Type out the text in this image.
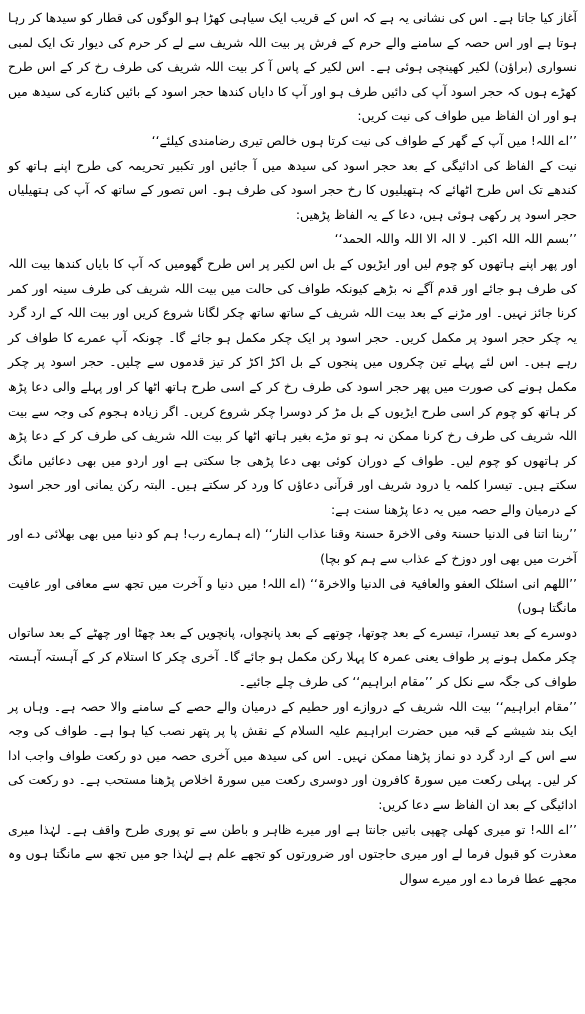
آغاز کیا جاتا ہے۔ اس کی نشانی یہ ہے کہ اس کے قریب ایک سیاہی کھڑا ہو الوگوں کی قطار کو سیدھا کر رہا ہوتا ہے اور اس حصہ کے سامنے والے حرم کے فرش پر بیت اللہ شریف سے لے کر حرم کی دیوار تک ایک لمبی نسواری (براؤن) لکیر کھینچی ہوئی ہے۔ اس لکیر کے پاس آ کر بیت اللہ شریف کی طرف رخ کر کے اس طرح کھڑے ہوں کہ حجر اسود آپ کی دائیں طرف ہو اور آپ کا دایاں کندھا حجر اسود کے بائیں کنارے کی سیدھ میں ہو اور ان الفاظ میں طواف کی نیت کریں:

’’اے اللہ! میں آپ کے گھر کے طواف کی نیت کرتا ہوں خالص تیری رضامندی کیلئے‘‘

نیت کے الفاظ کی ادائیگی کے بعد حجر اسود کی سیدھ میں آ جائیں اور تکبیر تحریمہ کی طرح اپنے ہاتھ کو کندھے تک اس طرح اٹھائے کہ ہتھیلیوں کا رخ حجر اسود کی طرف ہو۔ اس تصور کے ساتھ کہ آپ کی ہتھیلیاں حجر اسود پر رکھی ہوئی ہیں، دعا کے یہ الفاظ پڑھیں:

’’بسم اللہ اللہ اکبر۔ لا الہ الا اللہ واللہ الحمد‘‘

اور پھر اپنے ہاتھوں کو چوم لیں اور ایڑیوں کے بل اس لکیر پر اس طرح گھومیں کہ آپ کا بایاں کندھا بیت اللہ کی طرف ہو جائے اور قدم آگے نہ بڑھے کیونکہ طواف کی حالت میں بیت اللہ شریف کی طرف سینہ اور کمر کرنا جائز نہیں۔ اور مڑنے کے بعد بیت اللہ شریف کے ساتھ ساتھ چکر لگانا شروع کریں اور بیت اللہ کے ارد گرد یہ چکر حجر اسود پر مکمل کریں۔ حجر اسود پر ایک چکر مکمل ہو جائے گا۔ چونکہ آپ عمرے کا طواف کر رہے ہیں۔ اس لئے پہلے تین چکروں میں پنجوں کے بل اکڑ اکڑ کر تیز قدموں سے چلیں۔ حجر اسود پر چکر مکمل ہونے کی صورت میں پھر حجر اسود کی طرف رخ کر کے اسی طرح ہاتھ اٹھا کر اور پہلے والی دعا پڑھ کر ہاتھ کو چوم کر اسی طرح ایڑیوں کے بل مڑ کر دوسرا چکر شروع کریں۔ اگر زیادہ ہجوم کی وجہ سے بیت اللہ شریف کی طرف رخ کرنا ممکن نہ ہو تو مڑے بغیر ہاتھ اٹھا کر بیت اللہ شریف کی طرف کر کے دعا پڑھ کر ہاتھوں کو چوم لیں۔ طواف کے دوران کوئی بھی دعا پڑھی جا سکتی ہے اور اردو میں بھی دعائیں مانگ سکتے ہیں۔ تیسرا کلمہ یا درود شریف اور قرآنی دعاؤں کا ورد کر سکتے ہیں۔ البتہ رکن یمانی اور حجر اسود کے درمیان والے حصہ میں یہ دعا پڑھنا سنت ہے:

’’ربنا اتنا فی الدنیا حسنۃ وفی الاخرۃ حسنۃ وقنا عذاب النار‘‘ (اے ہمارے رب! ہم کو دنیا میں بھی بھلائی دے اور آخرت میں بھی اور دوزخ کے عذاب سے ہم کو بچا)

’’اللھم انی اسئلک العفو والعافیۃ فی الدنیا والاخرۃ‘‘ (اے اللہ! میں دنیا و آخرت میں تجھ سے معافی اور عافیت مانگتا ہوں)

دوسرے کے بعد تیسرا، تیسرے کے بعد چوتھا، چوتھے کے بعد پانچواں، پانچویں کے بعد چھٹا اور چھٹے کے بعد ساتواں چکر مکمل ہونے پر طواف یعنی عمرہ کا پہلا رکن مکمل ہو جائے گا۔ آخری چکر کا استلام کر کے آہستہ آہستہ طواف کی جگہ سے نکل کر ’’مقام ابراہیم‘‘ کی طرف چلے جائیے۔

’’مقام ابراہیم‘‘ بیت اللہ شریف کے دروازے اور حطیم کے درمیان والے حصے کے سامنے والا حصہ ہے۔ وہاں پر ایک بند شیشے کے قبہ میں حضرت ابراہیم علیہ السلام کے نقش پا پر پتھر نصب کیا ہوا ہے۔ طواف کی وجہ سے اس کے ارد گرد دو نماز پڑھنا ممکن نہیں۔ اس کی سیدھ میں آخری حصہ میں دو رکعت طواف واجب ادا کر لیں۔ پہلی رکعت میں سورۃ کافرون اور دوسری رکعت میں سورۃ اخلاص پڑھنا مستحب ہے۔ دو رکعت کی ادائیگی کے بعد ان الفاظ سے دعا کریں:

’’اے اللہ! تو میری کھلی چھپی باتیں جانتا ہے اور میرے ظاہر و باطن سے تو پوری طرح واقف ہے۔ لہٰذا میری معذرت کو قبول فرما لے اور میری حاجتوں اور ضرورتوں کو تجھے علم ہے لہٰذا جو میں تجھ سے مانگتا ہوں وہ مجھے عطا فرما دے اور میرے سوال
